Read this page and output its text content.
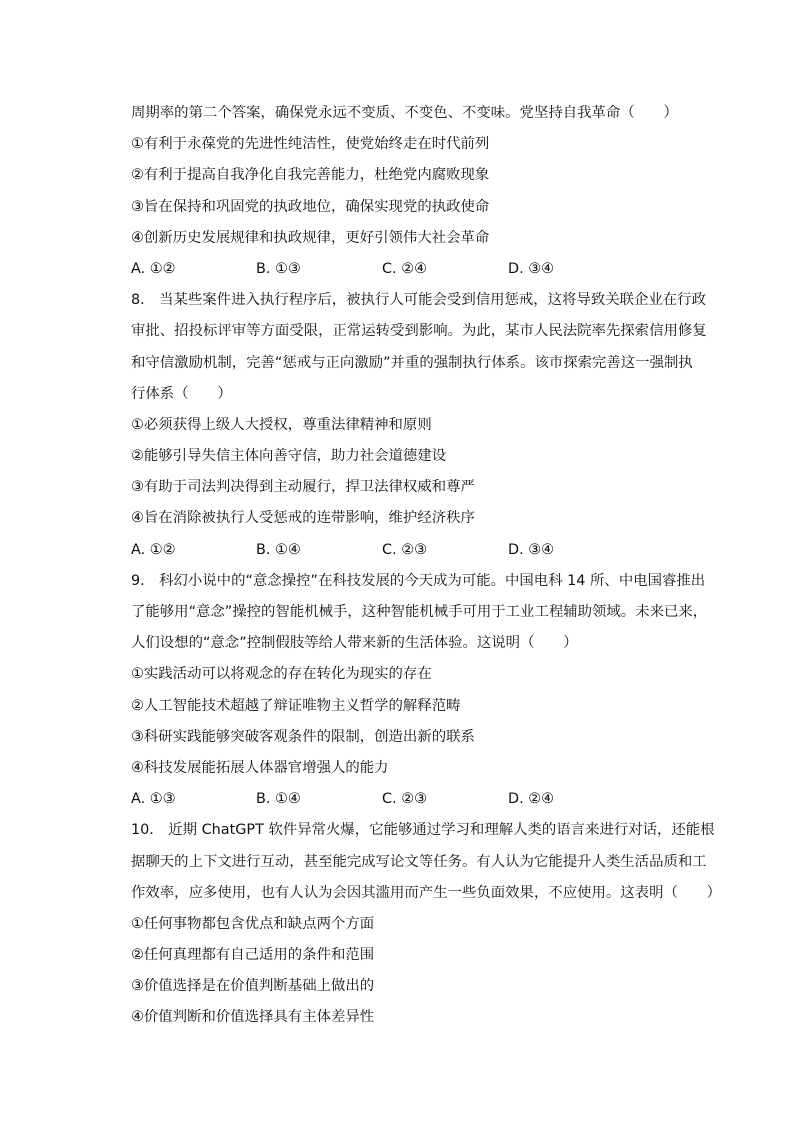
周期率的第二个答案，确保党永远不变质、不变色、不变味。党坚持自我革命（　　）
①有利于永葆党的先进性纯洁性，使党始终走在时代前列
②有利于提高自我净化自我完善能力，杜绝党内腐败现象
③旨在保持和巩固党的执政地位，确保实现党的执政使命
④创新历史发展规律和执政规律，更好引领伟大社会革命
A. ①②	B. ①③	C. ②④	D. ③④
8.　当某些案件进入执行程序后，被执行人可能会受到信用惩戒，这将导致关联企业在行政
审批、招投标评审等方面受限，正常运转受到影响。为此，某市人民法院率先探索信用修复
和守信激励机制，完善“惩戒与正向激励”并重的强制执行体系。该市探索完善这一强制执
行体系（　　）
①必须获得上级人大授权，尊重法律精神和原则
②能够引导失信主体向善守信，助力社会道德建设
③有助于司法判决得到主动履行，捍卫法律权威和尊严
④旨在消除被执行人受惩戒的连带影响，维护经济秩序
A. ①②	B. ①④	C. ②③	D. ③④
9.　科幻小说中的“意念操控”在科技发展的今天成为可能。中国电科 14 所、中电国睿推出
了能够用“意念”操控的智能机械手，这种智能机械手可用于工业工程辅助领域。未来已来，
人们设想的“意念”控制假肢等给人带来新的生活体验。这说明（　　）
①实践活动可以将观念的存在转化为现实的存在
②人工智能技术超越了辩证唯物主义哲学的解释范畴
③科研实践能够突破客观条件的限制，创造出新的联系
④科技发展能拓展人体器官增强人的能力
A. ①③	B. ①④	C. ②③	D. ②④
10.　近期 ChatGPT 软件异常火爆，它能够通过学习和理解人类的语言来进行对话，还能根
据聊天的上下文进行互动，甚至能完成写论文等任务。有人认为它能提升人类生活品质和工
作效率，应多使用，也有人认为会因其滥用而产生一些负面效果，不应使用。这表明（　　）
①任何事物都包含优点和缺点两个方面
②任何真理都有自己适用的条件和范围
③价值选择是在价值判断基础上做出的
④价值判断和价值选择具有主体差异性
